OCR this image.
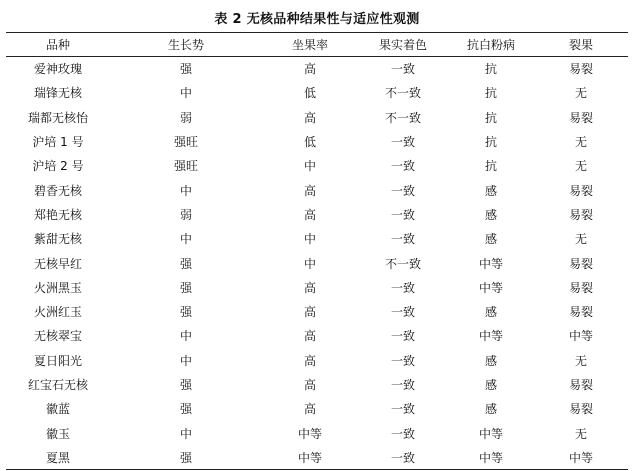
表 2 无核品种结果性与适应性观测
品种	生长势	坐果率	果实着色	抗白粉病	裂果
爱神玫瑰	强	高	一致	抗	易裂
瑞锋无核	中	低	不一致	抗	无
瑞都无核怡	弱	高	不一致	抗	易裂
沪培 1 号	强旺	低	一致	抗	无
沪培 2 号	强旺	中	一致	抗	无
碧香无核	中	高	一致	感	易裂
郑艳无核	弱	高	一致	感	易裂
紫甜无核	中	中	一致	感	无
无核早红	强	中	不一致	中等	易裂
火洲黑玉	强	高	一致	中等	易裂
火洲红玉	强	高	一致	感	易裂
无核翠宝	中	高	一致	中等	中等
夏日阳光	中	高	一致	感	无
红宝石无核	强	高	一致	感	易裂
徽蓝	强	高	一致	感	易裂
徽玉	中	中等	一致	中等	无
夏黑	强	中等	一致	中等	中等
